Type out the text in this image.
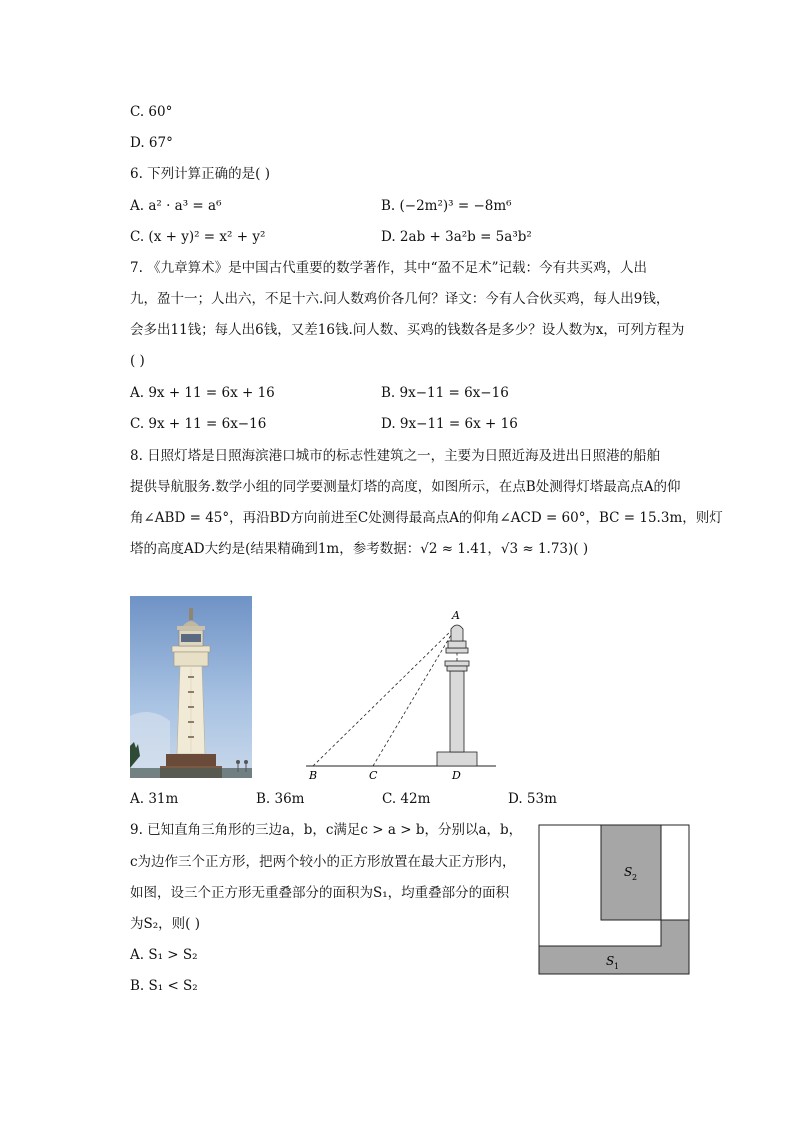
C. 60°
D. 67°
6. 下列计算正确的是( )
A. a² · a³ = a⁶	B. (−2m²)³ = −8m⁶
C. (x + y)² = x² + y²	D. 2ab + 3a²b = 5a³b²
7. 《九章算术》是中国古代重要的数学著作，其中“盈不足术”记载：今有共买鸡，人出
九，盈十一；人出六，不足十六.问人数鸡价各几何？译文：今有人合伙买鸡，每人出9钱，
会多出11钱；每人出6钱，又差16钱.问人数、买鸡的钱数各是多少？设人数为x，可列方程为
( )
A. 9x + 11 = 6x + 16	B. 9x−11 = 6x−16
C. 9x + 11 = 6x−16	D. 9x−11 = 6x + 16
8. 日照灯塔是日照海滨港口城市的标志性建筑之一，主要为日照近海及进出日照港的船舶
提供导航服务.数学小组的同学要测量灯塔的高度，如图所示，在点B处测得灯塔最高点A的仰
角∠ABD = 45°，再沿BD方向前进至C处测得最高点A的仰角∠ACD = 60°，BC = 15.3m，则灯
塔的高度AD大约是(结果精确到1m，参考数据：√2 ≈ 1.41，√3 ≈ 1.73)( )
A
B	C	D
A. 31m	B. 36m	C. 42m	D. 53m
9. 已知直角三角形的三边a，b，c满足c > a > b，分别以a，b，
c为边作三个正方形，把两个较小的正方形放置在最大正方形内，
如图，设三个正方形无重叠部分的面积为S₁，均重叠部分的面积
为S₂，则( )
A. S₁ > S₂
B. S₁ < S₂
S 2
S 1
